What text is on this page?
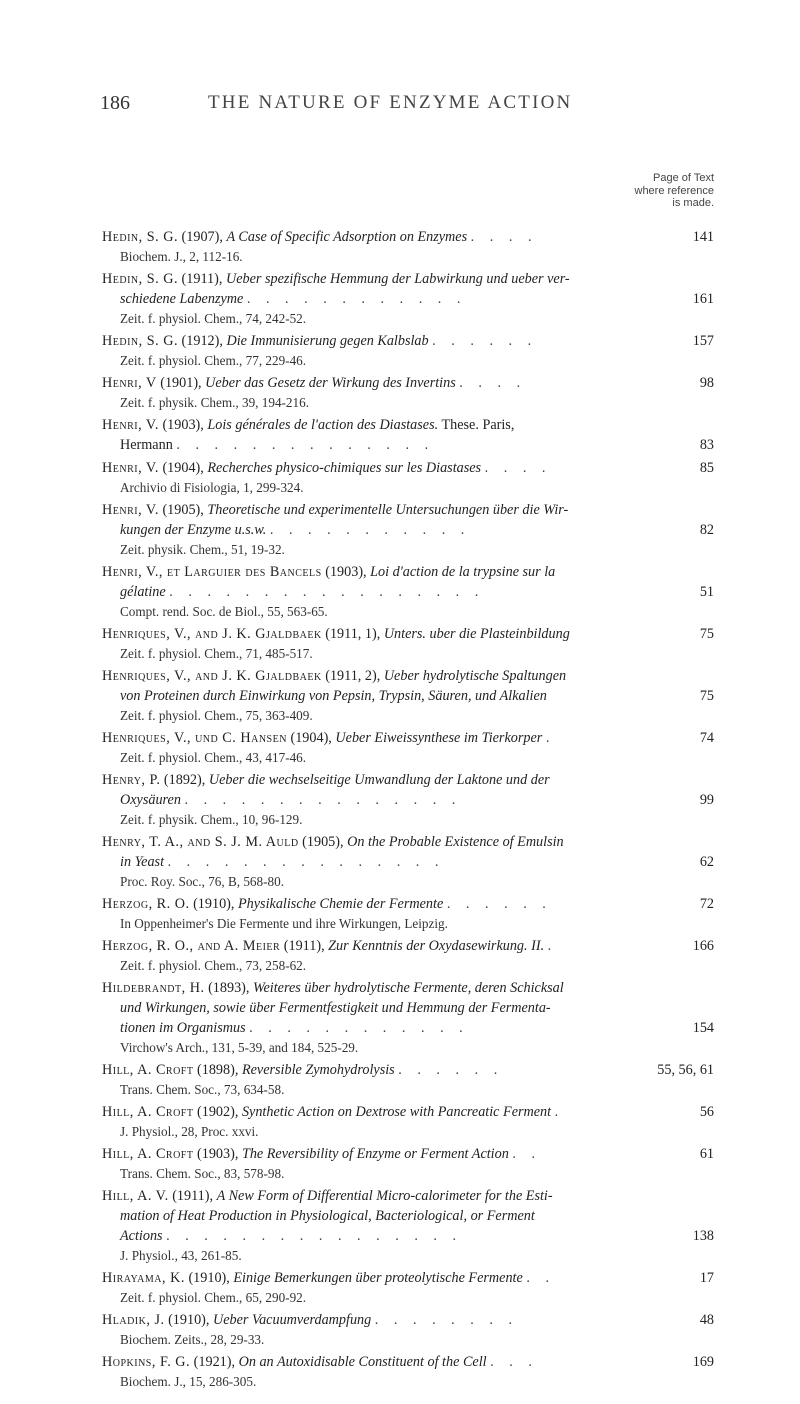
186	THE NATURE OF ENZYME ACTION
Page of Text where reference is made.
Hedin, S. G. (1907), A Case of Specific Adsorption on Enzymes . . . .	141
Biochem. J., 2, 112-16.
Hedin, S. G. (1911), Ueber spezifische Hemmung der Labwirkung und ueber ver-
schiedene Labenzyme . . . . . . . . . . . .	161
Zeit. f. physiol. Chem., 74, 242-52.
Hedin, S. G. (1912), Die Immunisierung gegen Kalbslab . . . . . .	157
Zeit. f. physiol. Chem., 77, 229-46.
Henri, V (1901), Ueber das Gesetz der Wirkung des Invertins . . . .	98
Zeit. f. physik. Chem., 39, 194-216.
Henri, V. (1903), Lois générales de l'action des Diastases. These. Paris,
Hermann . . . . . . . . . . . . . .	83
Henri, V. (1904), Recherches physico-chimiques sur les Diastases . . . .	85
Archivio di Fisiologia, 1, 299-324.
Henri, V. (1905), Theoretische und experimentelle Untersuchungen über die Wir-
kungen der Enzyme u.s.w. . . . . . . . . . . .	82
Zeit. physik. Chem., 51, 19-32.
Henri, V., et Larguier des Bancels (1903), Loi d'action de la trypsine sur la
gélatine . . . . . . . . . . . . . . . . .	51
Compt. rend. Soc. de Biol., 55, 563-65.
Henriques, V., and J. K. Gjaldbaek (1911, 1), Unters. uber die Plasteinbildung	75
Zeit. f. physiol. Chem., 71, 485-517.
Henriques, V., and J. K. Gjaldbaek (1911, 2), Ueber hydrolytische Spaltungen
von Proteinen durch Einwirkung von Pepsin, Trypsin, Säuren, und Alkalien	75
Zeit. f. physiol. Chem., 75, 363-409.
Henriques, V., und C. Hansen (1904), Ueber Eiweissynthese im Tierkorper .	74
Zeit. f. physiol. Chem., 43, 417-46.
Henry, P. (1892), Ueber die wechselseitige Umwandlung der Laktone und der
Oxysäuren . . . . . . . . . . . . . . .	99
Zeit. f. physik. Chem., 10, 96-129.
Henry, T. A., and S. J. M. Auld (1905), On the Probable Existence of Emulsin
in Yeast . . . . . . . . . . . . . . .	62
Proc. Roy. Soc., 76, B, 568-80.
Herzog, R. O. (1910), Physikalische Chemie der Fermente . . . . . .	72
In Oppenheimer's Die Fermente und ihre Wirkungen, Leipzig.
Herzog, R. O., and A. Meier (1911), Zur Kenntnis der Oxydasewirkung. II. .	166
Zeit. f. physiol. Chem., 73, 258-62.
Hildebrandt, H. (1893), Weiteres über hydrolytische Fermente, deren Schicksal
und Wirkungen, sowie über Fermentfestigkeit und Hemmung der Fermenta-
tionen im Organismus . . . . . . . . . . . .	154
Virchow's Arch., 131, 5-39, and 184, 525-29.
Hill, A. Croft (1898), Reversible Zymohydrolysis . . . . . .	55, 56, 61
Trans. Chem. Soc., 73, 634-58.
Hill, A. Croft (1902), Synthetic Action on Dextrose with Pancreatic Ferment .	56
J. Physiol., 28, Proc. xxvi.
Hill, A. Croft (1903), The Reversibility of Enzyme or Ferment Action . .	61
Trans. Chem. Soc., 83, 578-98.
Hill, A. V. (1911), A New Form of Differential Micro-calorimeter for the Esti-
mation of Heat Production in Physiological, Bacteriological, or Ferment
Actions . . . . . . . . . . . . . . . .	138
J. Physiol., 43, 261-85.
Hirayama, K. (1910), Einige Bemerkungen über proteolytische Fermente . .	17
Zeit. f. physiol. Chem., 65, 290-92.
Hladik, J. (1910), Ueber Vacuumverdampfung . . . . . . . .	48
Biochem. Zeits., 28, 29-33.
Hopkins, F. G. (1921), On an Autoxidisable Constituent of the Cell . . .	169
Biochem. J., 15, 286-305.
